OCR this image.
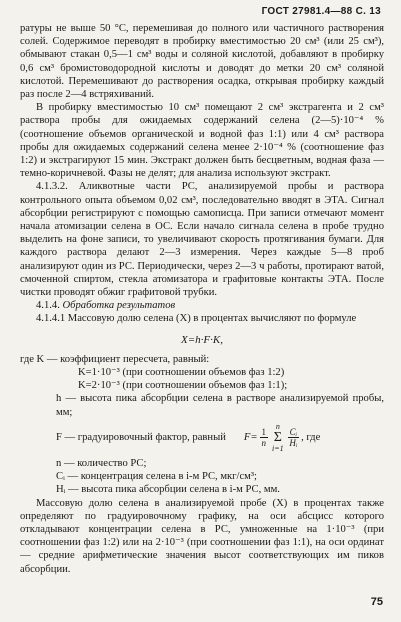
ГОСТ 27981.4—88 С. 13

ратуры не выше 50 °С, перемешивая до полного или частичного растворения солей. Содержимое переводят в пробирку вместимостью 20 см³ (или 25 см³), обмывают стакан 0,5—1 см³ воды и соляной кислотой, добавляют в пробирку 0,6 см³ бромистоводородной кислоты и доводят до метки 20 см³ соляной кислотой. Перемешивают до растворения осадка, открывая пробирку каждый раз после 2—4 встряхиваний.

В пробирку вместимостью 10 см³ помещают 2 см³ экстрагента и 2 см³ раствора пробы для ожидаемых содержаний селена (2—5)·10⁻⁴ % (соотношение объемов органической и водной фаз 1:1) или 4 см³ раствора пробы для ожидаемых содержаний селена менее 2·10⁻⁴ % (соотношение фаз 1:2) и экстрагируют 15 мин. Экстракт должен быть бесцветным, водная фаза — темно-коричневой. Фазы не делят; для анализа используют экстракт.

4.1.3.2. Аликвотные части РС, анализируемой пробы и раствора контрольного опыта объемом 0,02 см³, последовательно вводят в ЭТА. Сигнал абсорбции регистрируют с помощью самописца. При записи отмечают момент начала атомизации селена в ОС. Если начало сигнала селена в пробе трудно выделить на фоне записи, то увеличивают скорость протягивания бумаги. Для каждого раствора делают 2—3 измерения. Через каждые 5—8 проб анализируют один из РС. Периодически, через 2—3 ч работы, протирают ватой, смоченной спиртом, стекла атомизатора и графитовые контакты ЭТА. После чистки проводят обжиг графитовой трубки.

4.1.4. Обработка результатов

4.1.4.1 Массовую долю селена (X) в процентах вычисляют по формуле

X=h·F·K,

где K — коэффициент пересчета, равный:

K=1·10⁻³ (при соотношении объемов фаз 1:2)

K=2·10⁻³ (при соотношении объемов фаз 1:1);

h — высота пика абсорбции селена в растворе анализируемой пробы, мм;

F — градуировочный фактор, равный $F= \frac{1}{n}$
n
Σ
$i=1 \frac{\text{Cᵢ}}{\text{Hᵢ}}$ , где

n — количество РС;

Cᵢ — концентрация селена в i-м РС, мкг/см³;

Hᵢ — высота пика абсорбции селена в i-м РС, мм.

Массовую долю селена в анализируемой пробе (X) в процентах также определяют по градуировочному графику, на оси абсцисс которого откладывают концентрации селена в РС, умноженные на 1·10⁻³ (при соотношении фаз 1:2) или на 2·10⁻³ (при соотношении фаз 1:1), на оси ординат — средние арифметические значения высот соответствующих им пиков абсорбции.

75
